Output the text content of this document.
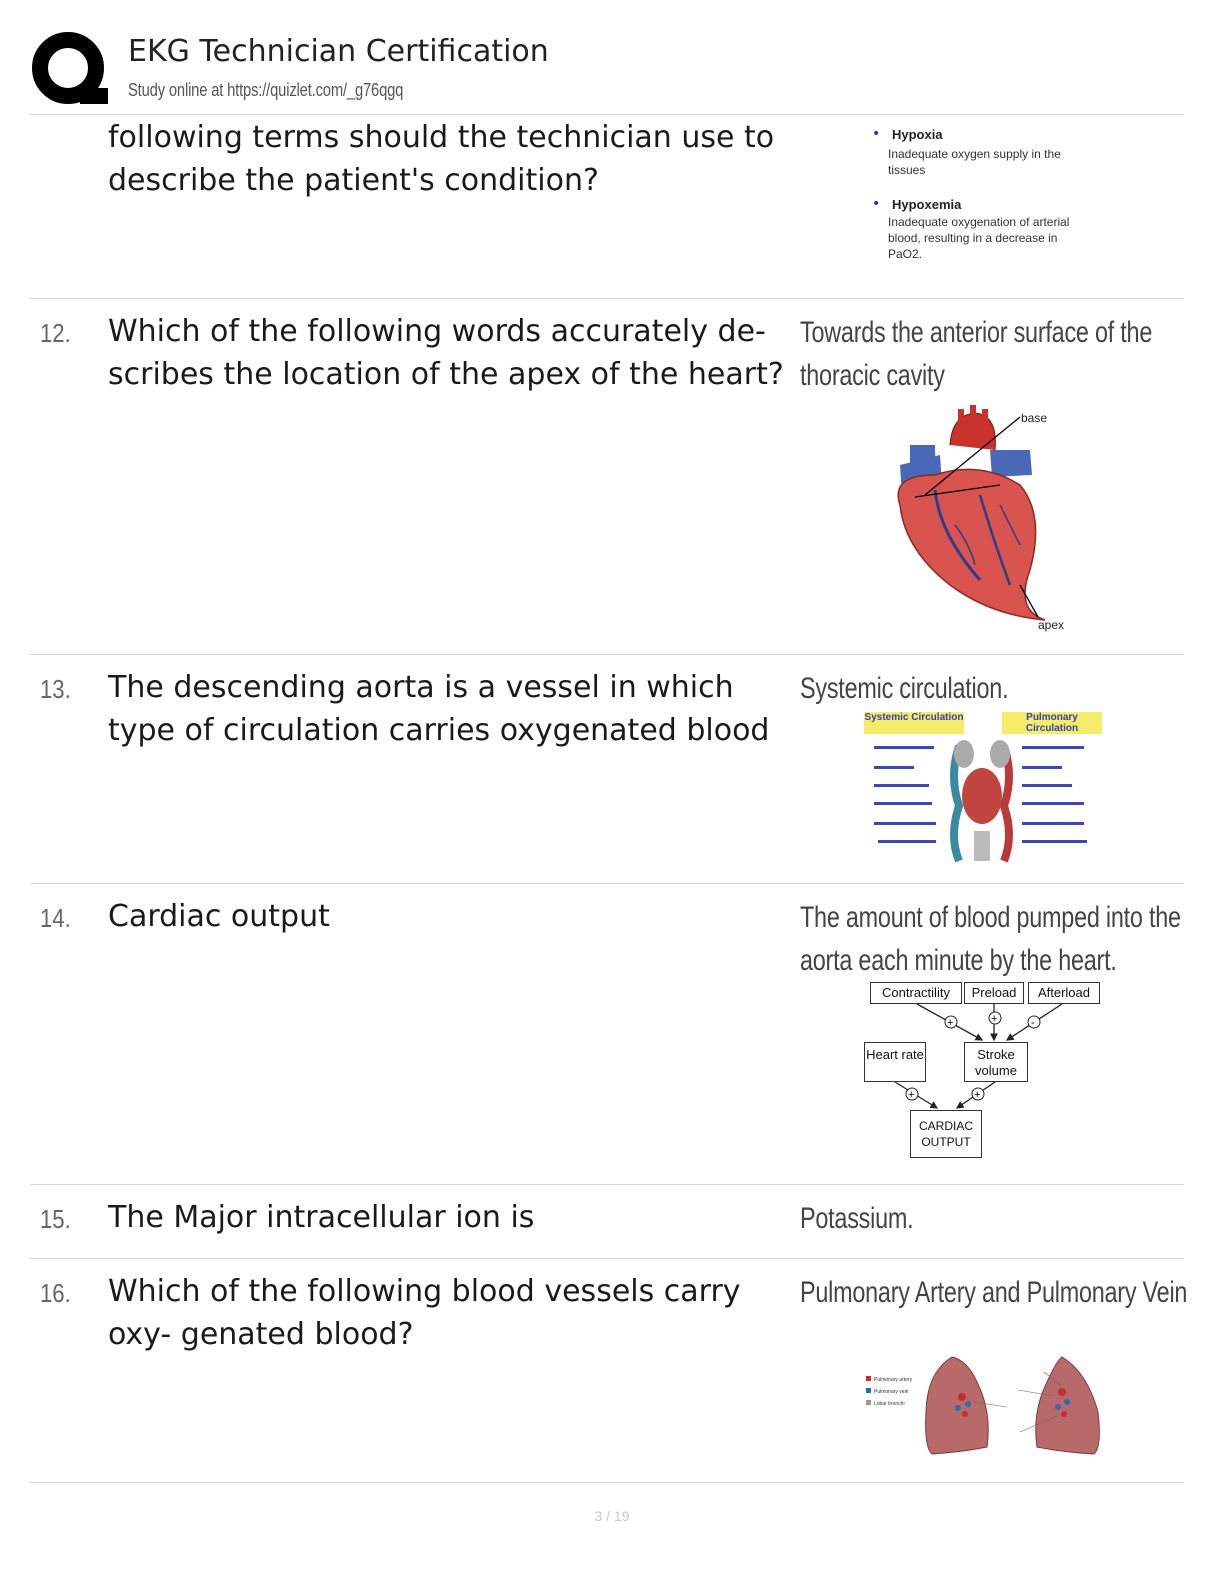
EKG Technician Certification
Study online at https://quizlet.com/_g76qgq
following terms should the technician use to describe the patient's condition?
• Hypoxia
Inadequate oxygen supply in the tissues
• Hypoxemia
Inadequate oxygenation of arterial blood, resulting in a decrease in PaO2.
12. Which of the following words accurately de- scribes the location of the apex of the heart?
Towards the anterior surface of the thoracic cavity
base
apex
13. The descending aorta is a vessel in which type of circulation carries oxygenated blood
Systemic circulation.
Systemic Circulation	Pulmonary Circulation
14. Cardiac output	The amount of blood pumped into the aorta each minute by the heart.
Contractility	Preload	Afterload
Heart rate	Stroke volume
CARDIAC OUTPUT
+	+	-
+	+
15. The Major intracellular ion is	Potassium.
16. Which of the following blood vessels carry oxy- genated blood?
Pulmonary Artery and Pulmonary Vein
Pulmonary artery
Pulmonary vein
Lobar bronchi
3 / 19
